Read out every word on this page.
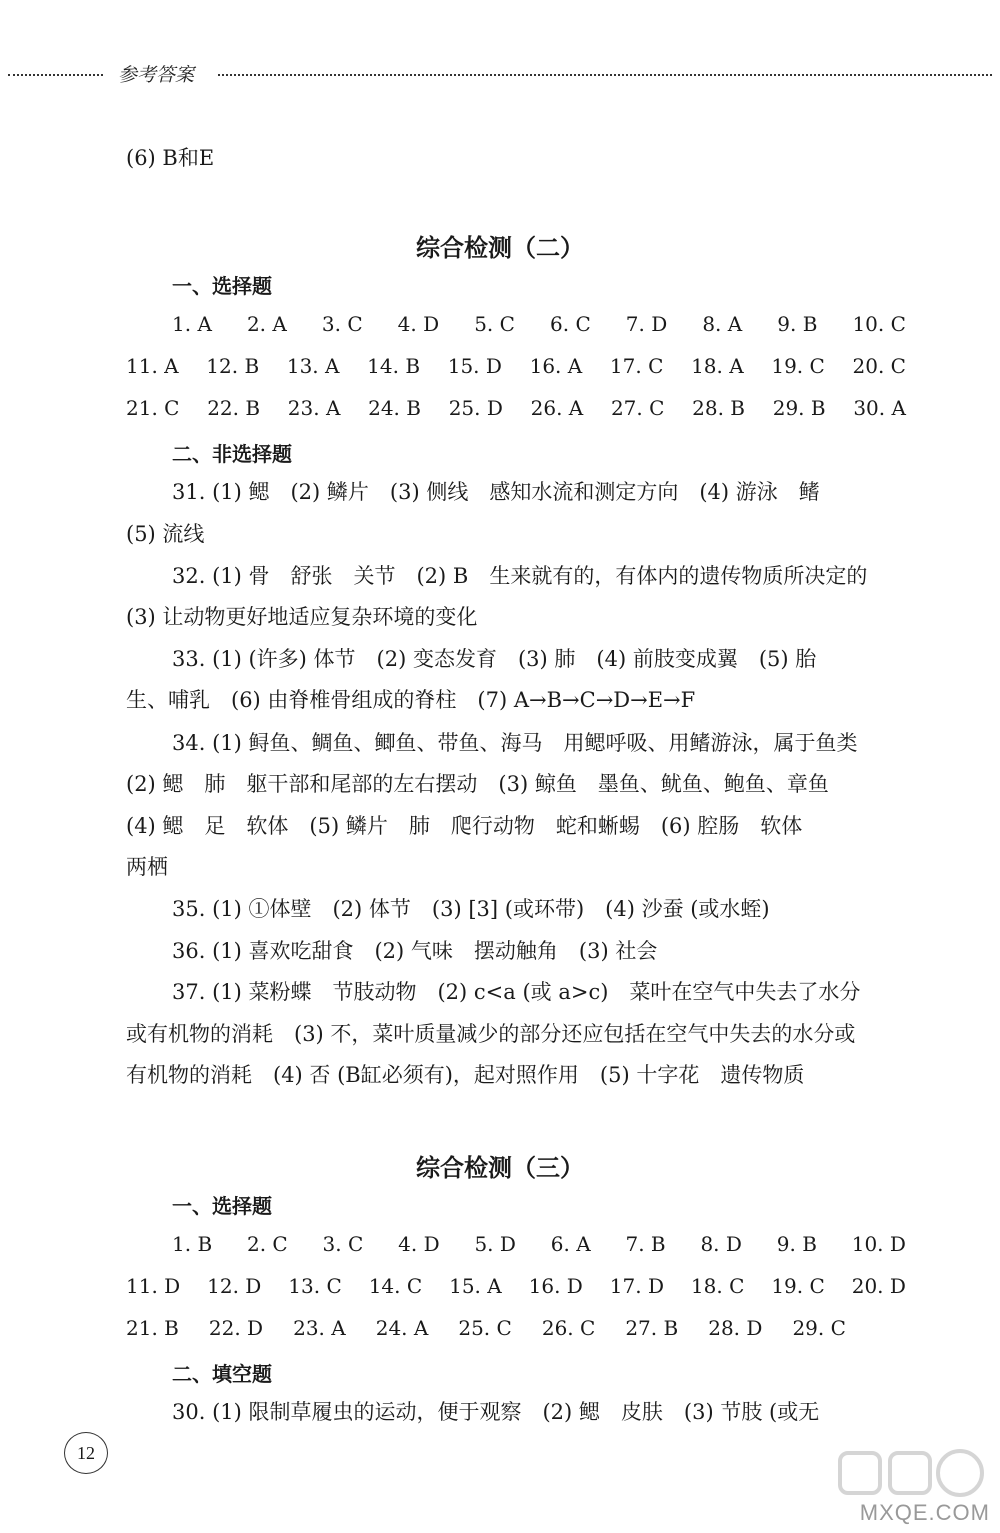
参考答案
(6) B和E
综合检测（二）
一、选择题
1. A 2. A 3. C 4. D 5. C 6. C 7. D 8. A 9. B 10. C
11. A 12. B 13. A 14. B 15. D 16. A 17. C 18. A 19. C 20. C
21. C 22. B 23. A 24. B 25. D 26. A 27. C 28. B 29. B 30. A
二、非选择题
31. (1) 鳃　(2) 鳞片　(3) 侧线　感知水流和测定方向　(4) 游泳　鳍
(5) 流线
32. (1) 骨　舒张　关节　(2) B　生来就有的，有体内的遗传物质所决定的
(3) 让动物更好地适应复杂环境的变化
33. (1) (许多) 体节　(2) 变态发育　(3) 肺　(4) 前肢变成翼　(5) 胎
生、哺乳　(6) 由脊椎骨组成的脊柱　(7) A→B→C→D→E→F
34. (1) 鲟鱼、鲷鱼、鲫鱼、带鱼、海马　用鳃呼吸、用鳍游泳，属于鱼类
(2) 鳃　肺　躯干部和尾部的左右摆动　(3) 鲸鱼　墨鱼、鱿鱼、鲍鱼、章鱼
(4) 鳃　足　软体　(5) 鳞片　肺　爬行动物　蛇和蜥蜴　(6) 腔肠　软体
两栖
35. (1) ①体壁　(2) 体节　(3) [3] (或环带)　(4) 沙蚕 (或水蛭)
36. (1) 喜欢吃甜食　(2) 气味　摆动触角　(3) 社会
37. (1) 菜粉蝶　节肢动物　(2) c<a (或 a>c)　菜叶在空气中失去了水分
或有机物的消耗　(3) 不，菜叶质量减少的部分还应包括在空气中失去的水分或
有机物的消耗　(4) 否 (B缸必须有)，起对照作用　(5) 十字花　遗传物质
综合检测（三）
一、选择题
1. B 2. C 3. C 4. D 5. D 6. A 7. B 8. D 9. B 10. D
11. D 12. D 13. C 14. C 15. A 16. D 17. D 18. C 19. C 20. D
21. B 22. D 23. A 24. A 25. C 26. C 27. B 28. D 29. C
二、填空题
30. (1) 限制草履虫的运动，便于观察　(2) 鳃　皮肤　(3) 节肢 (或无
12
MXQE.COM
